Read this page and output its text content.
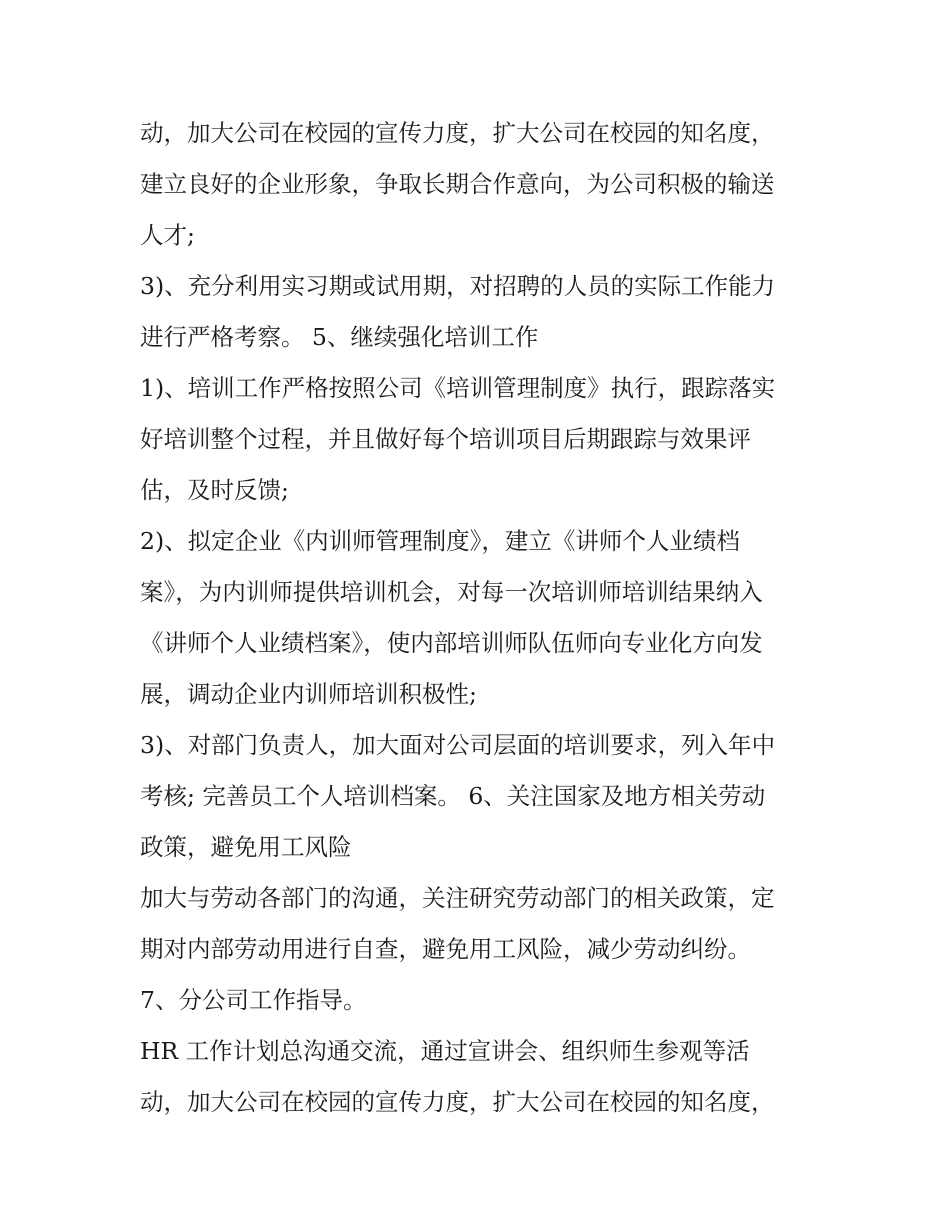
动，加大公司在校园的宣传力度，扩大公司在校园的知名度，
建立良好的企业形象，争取长期合作意向，为公司积极的输送
人才;
3)、充分利用实习期或试用期，对招聘的人员的实际工作能力
进行严格考察。 5、继续强化培训工作
1)、培训工作严格按照公司《培训管理制度》执行，跟踪落实
好培训整个过程，并且做好每个培训项目后期跟踪与效果评
估，及时反馈;
2)、拟定企业《内训师管理制度》，建立《讲师个人业绩档
案》，为内训师提供培训机会，对每一次培训师培训结果纳入
《讲师个人业绩档案》，使内部培训师队伍师向专业化方向发
展，调动企业内训师培训积极性;
3)、对部门负责人，加大面对公司层面的培训要求，列入年中
考核; 完善员工个人培训档案。 6、关注国家及地方相关劳动
政策，避免用工风险
加大与劳动各部门的沟通，关注研究劳动部门的相关政策，定
期对内部劳动用进行自查，避免用工风险，减少劳动纠纷。
7、分公司工作指导。
HR 工作计划总沟通交流，通过宣讲会、组织师生参观等活
动，加大公司在校园的宣传力度，扩大公司在校园的知名度，
